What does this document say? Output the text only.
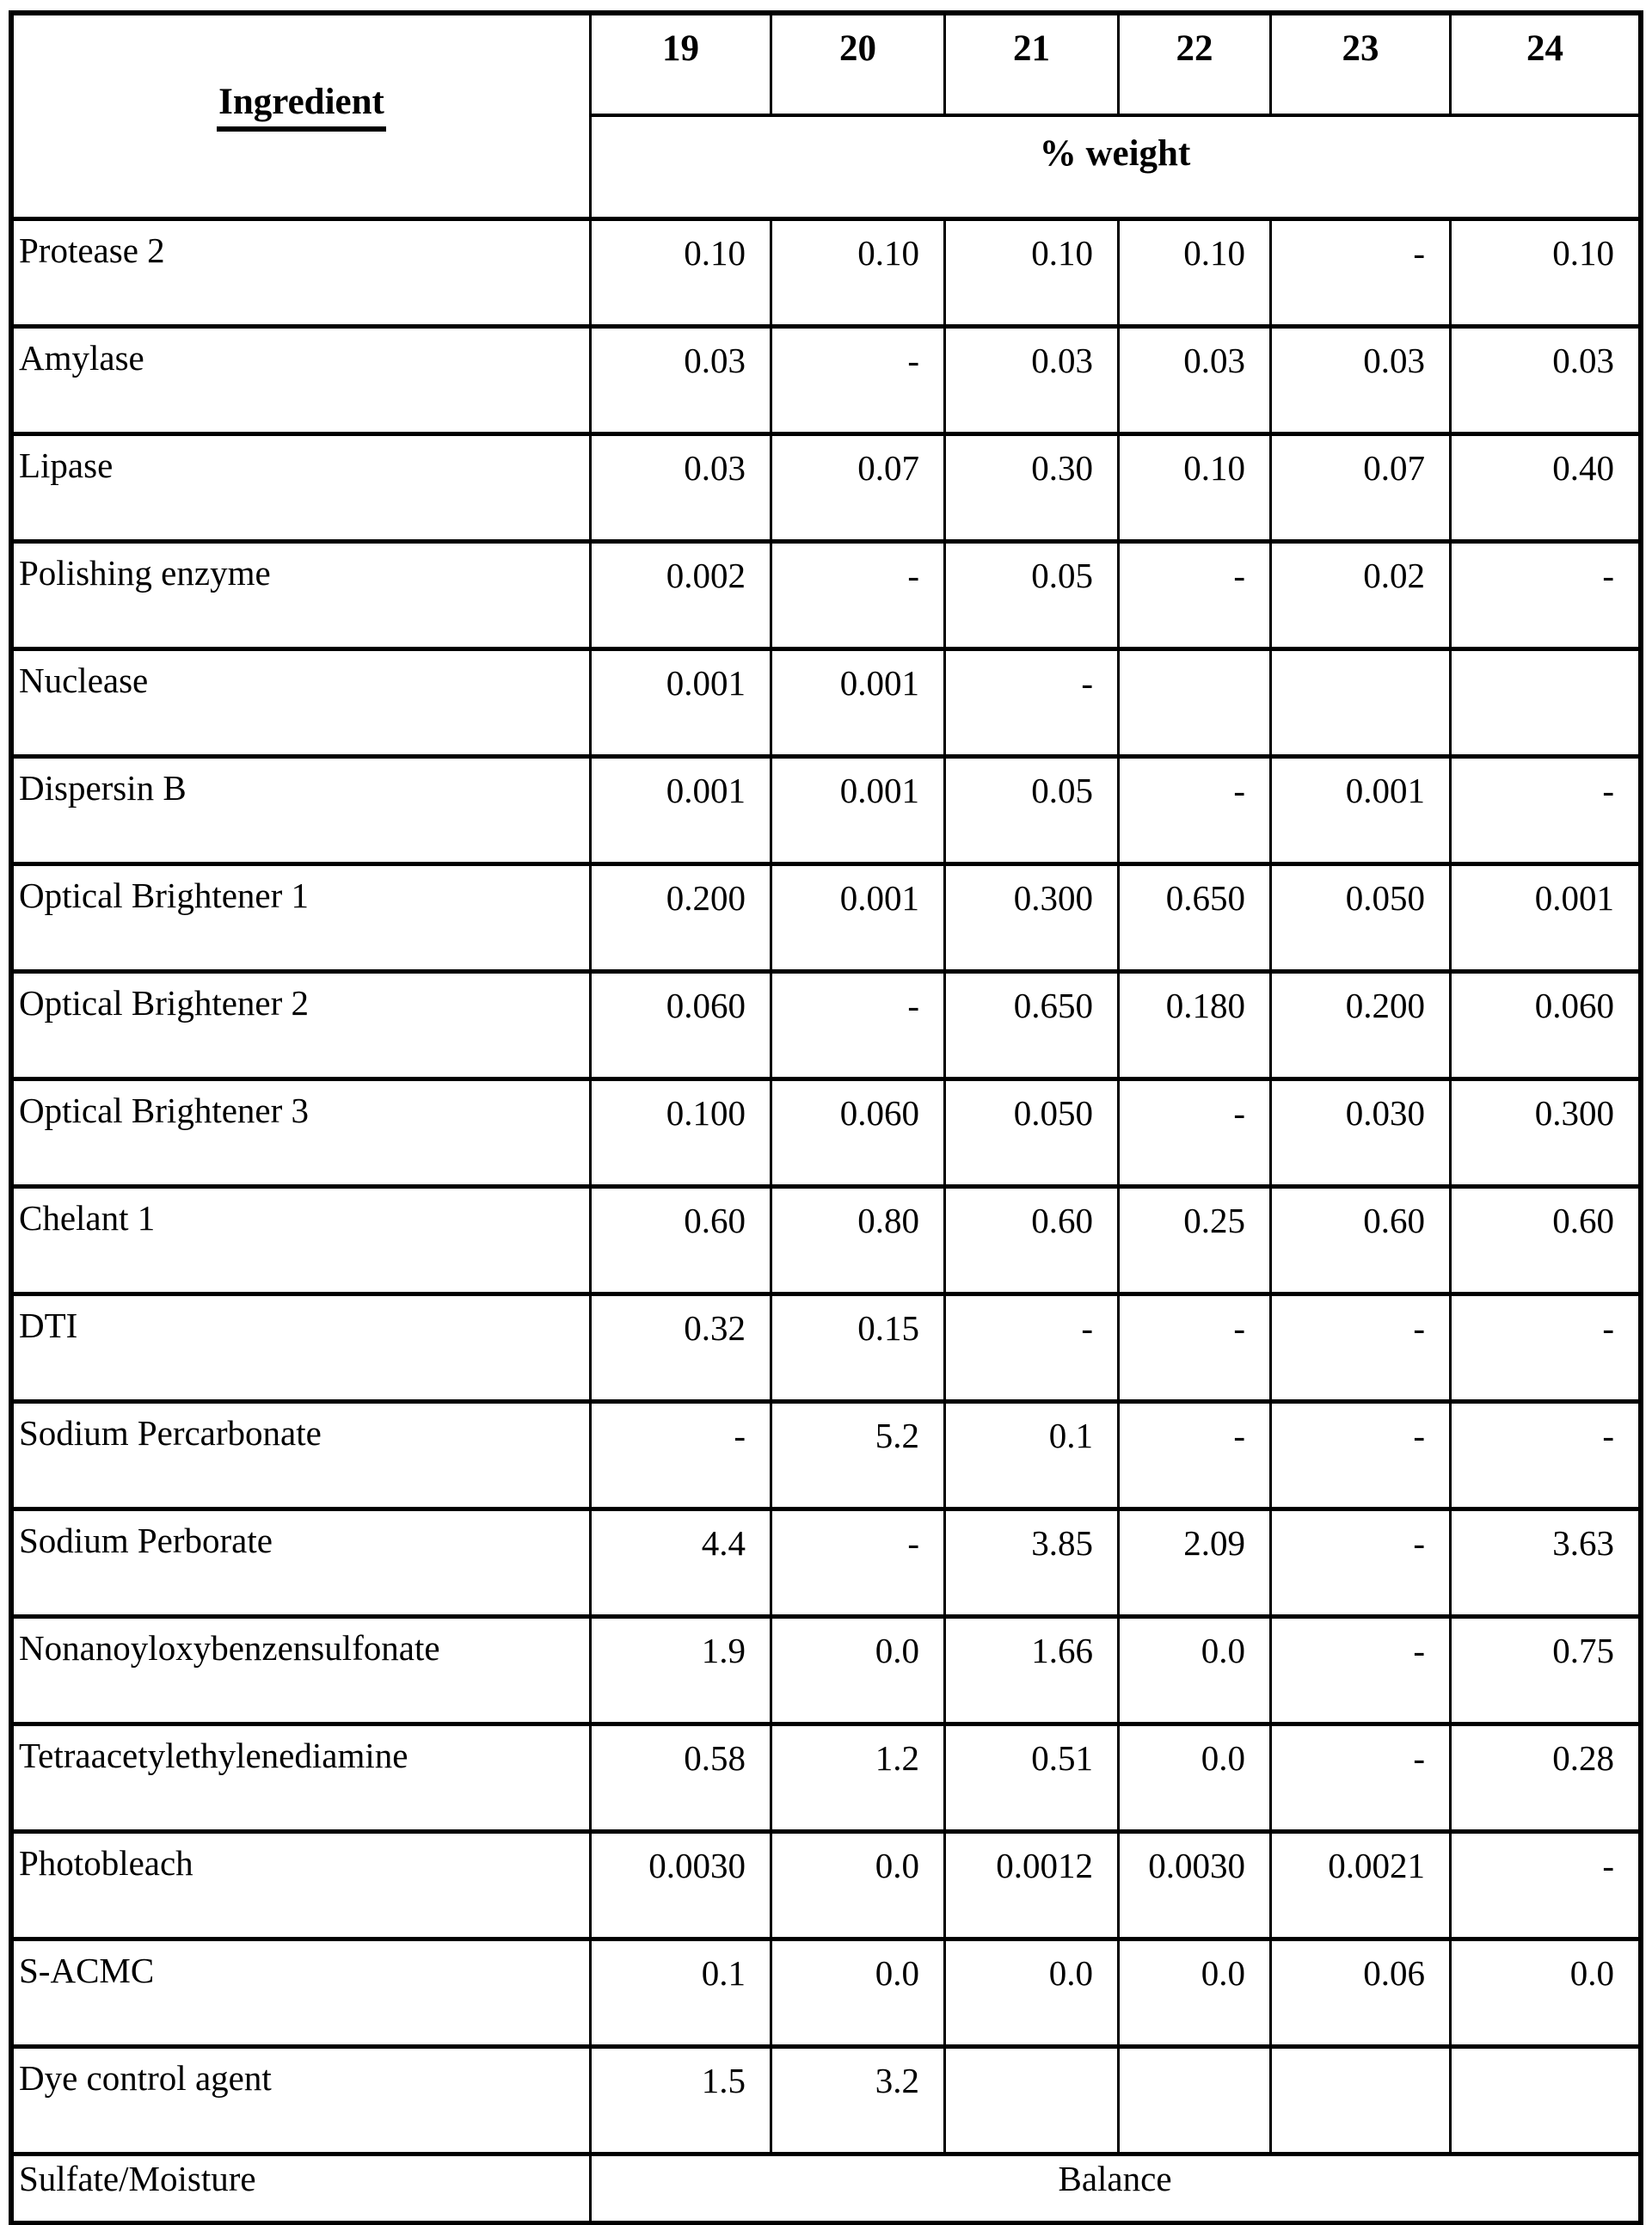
Ingredient
19	20	21	22	23	24
% weight
Protease 2	0.10	0.10	0.10	0.10	-	0.10
Amylase	0.03	-	0.03	0.03	0.03	0.03
Lipase	0.03	0.07	0.30	0.10	0.07	0.40
Polishing enzyme	0.002	-	0.05	-	0.02	-
Nuclease	0.001	0.001	-
Dispersin B	0.001	0.001	0.05	-	0.001	-
Optical Brightener 1	0.200	0.001	0.300	0.650	0.050	0.001
Optical Brightener 2	0.060	-	0.650	0.180	0.200	0.060
Optical Brightener 3	0.100	0.060	0.050	-	0.030	0.300
Chelant 1	0.60	0.80	0.60	0.25	0.60	0.60
DTI	0.32	0.15	-	-	-	-
Sodium Percarbonate	-	5.2	0.1	-	-	-
Sodium Perborate	4.4	-	3.85	2.09	-	3.63
Nonanoyloxybenzensulfonate	1.9	0.0	1.66	0.0	-	0.75
Tetraacetylethylenediamine	0.58	1.2	0.51	0.0	-	0.28
Photobleach	0.0030	0.0	0.0012	0.0030	0.0021	-
S-ACMC	0.1	0.0	0.0	0.0	0.06	0.0
Dye control agent	1.5	3.2
Sulfate/Moisture	Balance
